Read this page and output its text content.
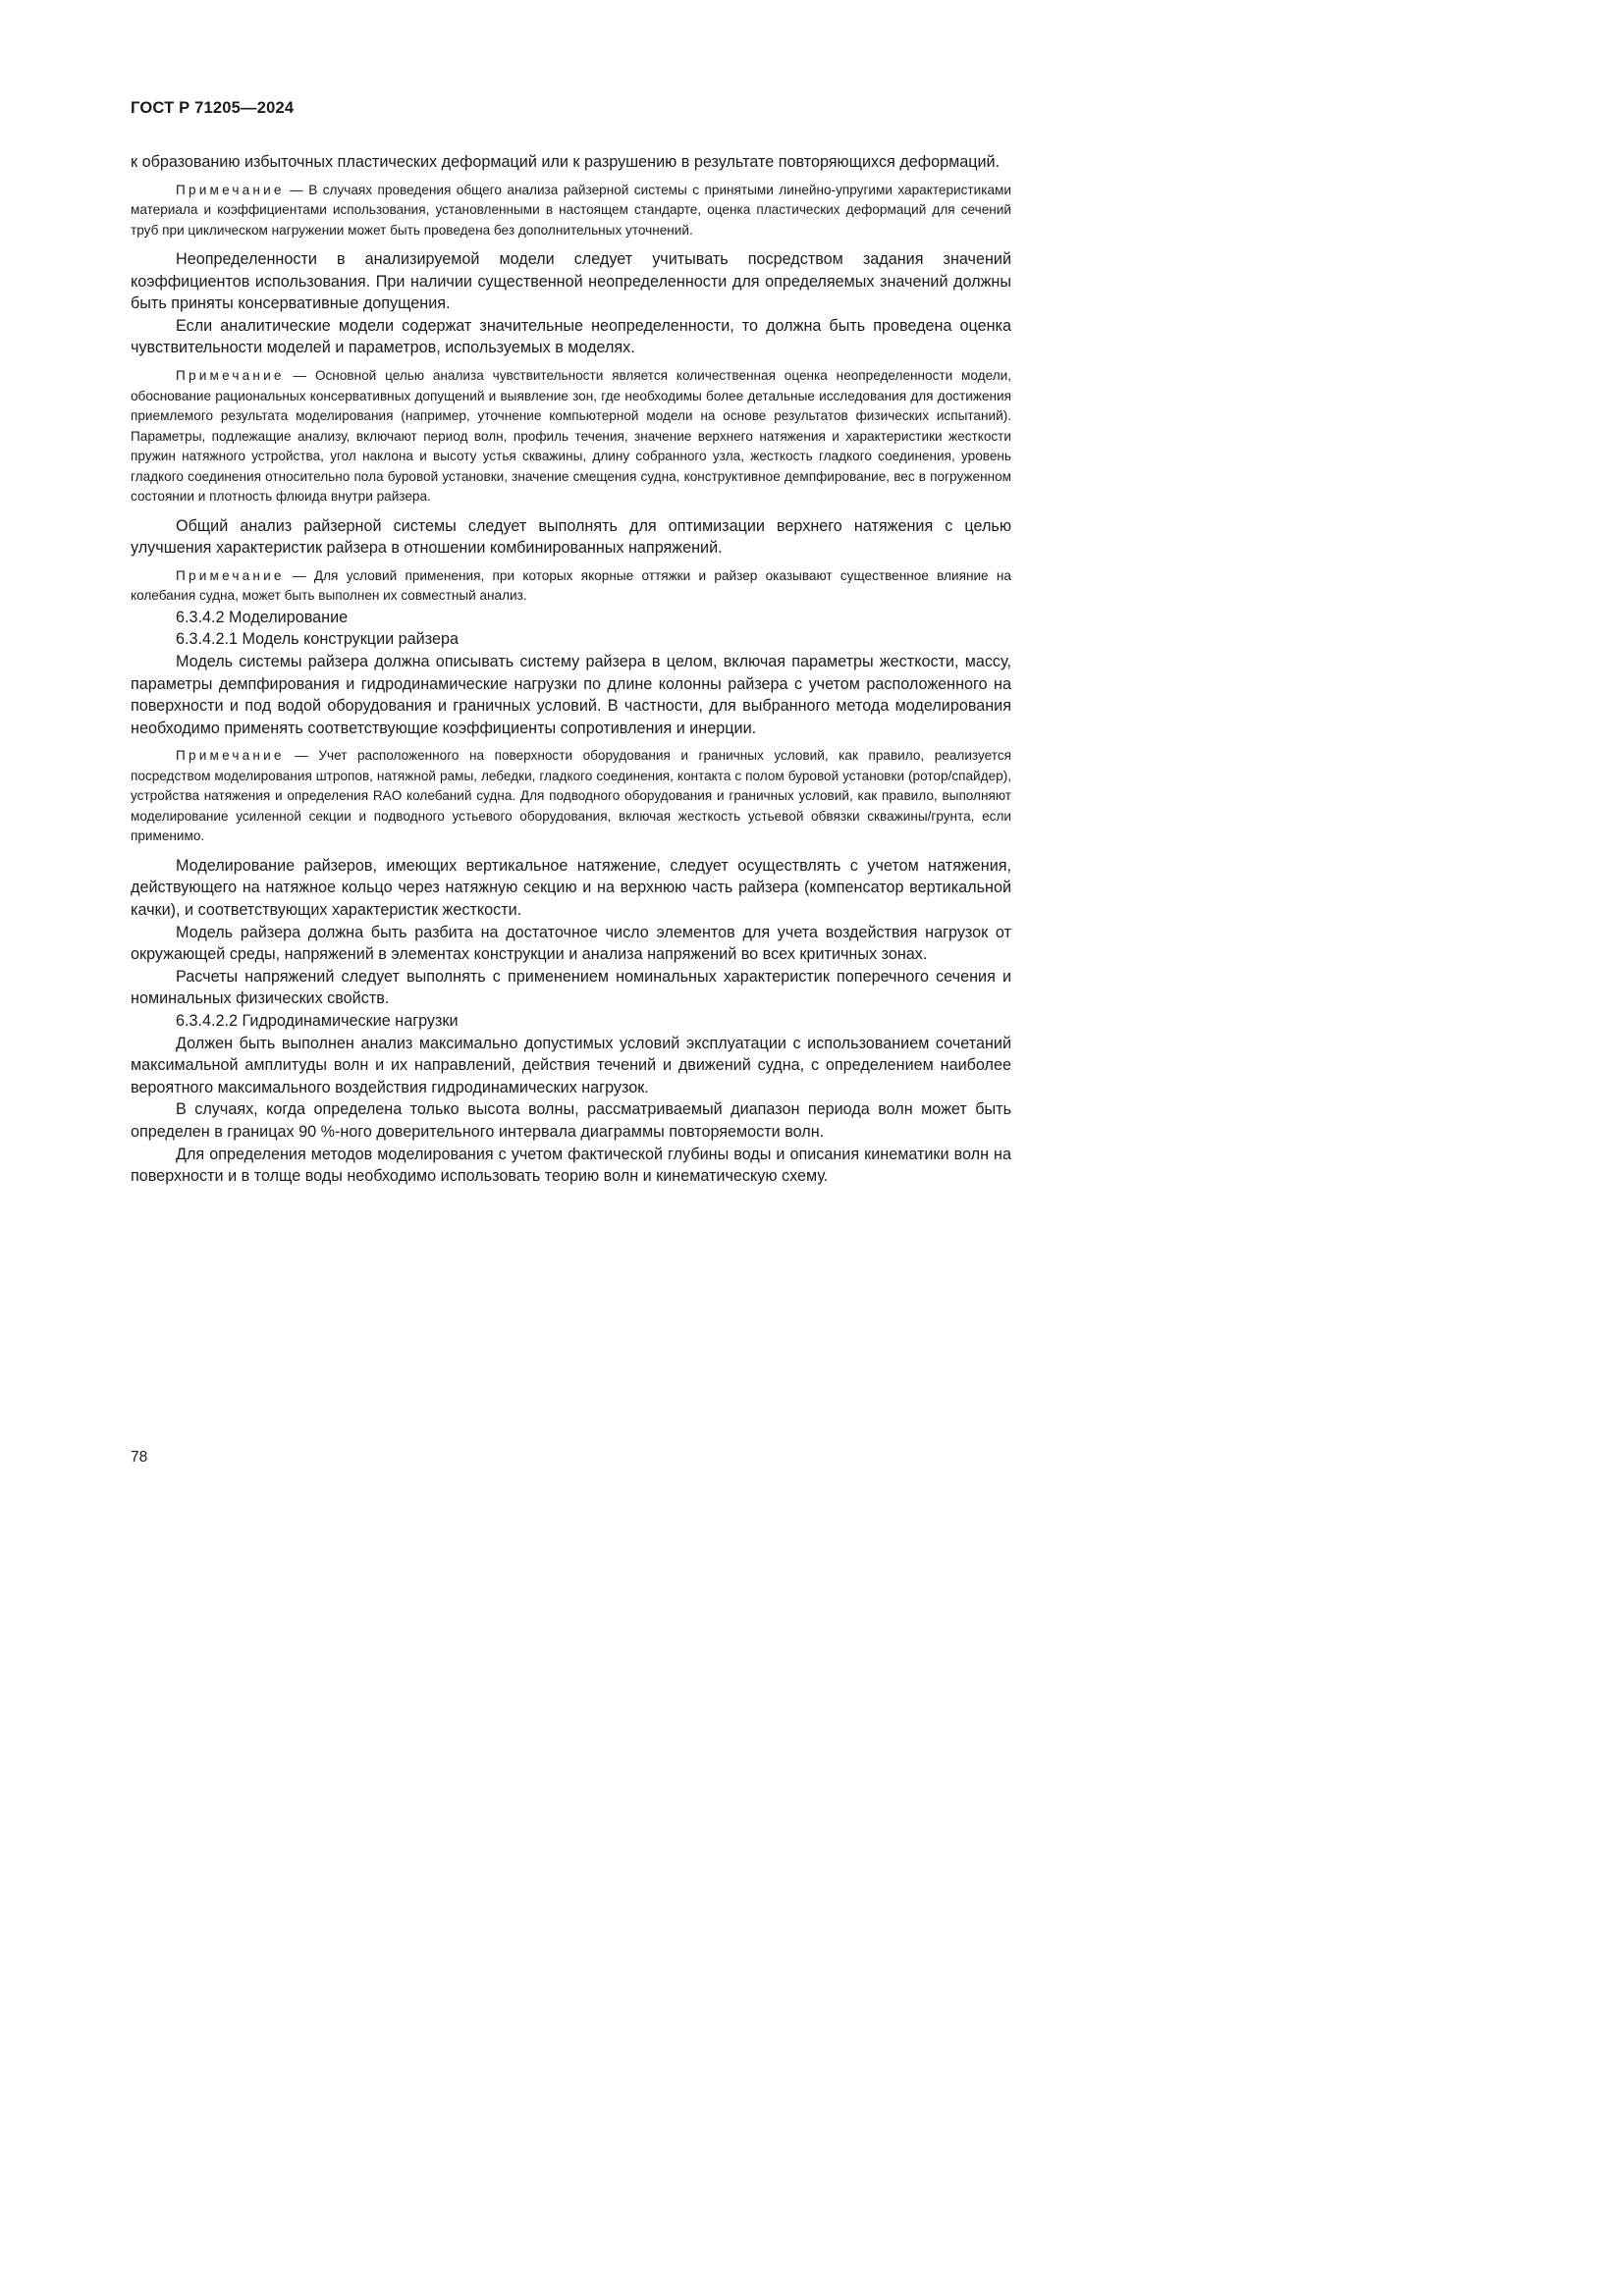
ГОСТ Р 71205—2024

к образованию избыточных пластических деформаций или к разрушению в результате повторяющихся деформаций.

Примечание — В случаях проведения общего анализа райзерной системы с принятыми линейно-упругими характеристиками материала и коэффициентами использования, установленными в настоящем стандарте, оценка пластических деформаций для сечений труб при циклическом нагружении может быть проведена без дополнительных уточнений.

Неопределенности в анализируемой модели следует учитывать посредством задания значений коэффициентов использования. При наличии существенной неопределенности для определяемых значений должны быть приняты консервативные допущения.

Если аналитические модели содержат значительные неопределенности, то должна быть проведена оценка чувствительности моделей и параметров, используемых в моделях.

Примечание — Основной целью анализа чувствительности является количественная оценка неопределенности модели, обоснование рациональных консервативных допущений и выявление зон, где необходимы более детальные исследования для достижения приемлемого результата моделирования (например, уточнение компьютерной модели на основе результатов физических испытаний). Параметры, подлежащие анализу, включают период волн, профиль течения, значение верхнего натяжения и характеристики жесткости пружин натяжного устройства, угол наклона и высоту устья скважины, длину собранного узла, жесткость гладкого соединения, уровень гладкого соединения относительно пола буровой установки, значение смещения судна, конструктивное демпфирование, вес в погруженном состоянии и плотность флюида внутри райзера.

Общий анализ райзерной системы следует выполнять для оптимизации верхнего натяжения с целью улучшения характеристик райзера в отношении комбинированных напряжений.

Примечание — Для условий применения, при которых якорные оттяжки и райзер оказывают существенное влияние на колебания судна, может быть выполнен их совместный анализ.

6.3.4.2 Моделирование

6.3.4.2.1 Модель конструкции райзера

Модель системы райзера должна описывать систему райзера в целом, включая параметры жесткости, массу, параметры демпфирования и гидродинамические нагрузки по длине колонны райзера с учетом расположенного на поверхности и под водой оборудования и граничных условий. В частности, для выбранного метода моделирования необходимо применять соответствующие коэффициенты сопротивления и инерции.

Примечание — Учет расположенного на поверхности оборудования и граничных условий, как правило, реализуется посредством моделирования штропов, натяжной рамы, лебедки, гладкого соединения, контакта с полом буровой установки (ротор/спайдер), устройства натяжения и определения RAO колебаний судна. Для подводного оборудования и граничных условий, как правило, выполняют моделирование усиленной секции и подводного устьевого оборудования, включая жесткость устьевой обвязки скважины/грунта, если применимо.

Моделирование райзеров, имеющих вертикальное натяжение, следует осуществлять с учетом натяжения, действующего на натяжное кольцо через натяжную секцию и на верхнюю часть райзера (компенсатор вертикальной качки), и соответствующих характеристик жесткости.

Модель райзера должна быть разбита на достаточное число элементов для учета воздействия нагрузок от окружающей среды, напряжений в элементах конструкции и анализа напряжений во всех критичных зонах.

Расчеты напряжений следует выполнять с применением номинальных характеристик поперечного сечения и номинальных физических свойств.

6.3.4.2.2 Гидродинамические нагрузки

Должен быть выполнен анализ максимально допустимых условий эксплуатации с использованием сочетаний максимальной амплитуды волн и их направлений, действия течений и движений судна, с определением наиболее вероятного максимального воздействия гидродинамических нагрузок.

В случаях, когда определена только высота волны, рассматриваемый диапазон периода волн может быть определен в границах 90 %-ного доверительного интервала диаграммы повторяемости волн.

Для определения методов моделирования с учетом фактической глубины воды и описания кинематики волн на поверхности и в толще воды необходимо использовать теорию волн и кинематическую схему.

78
